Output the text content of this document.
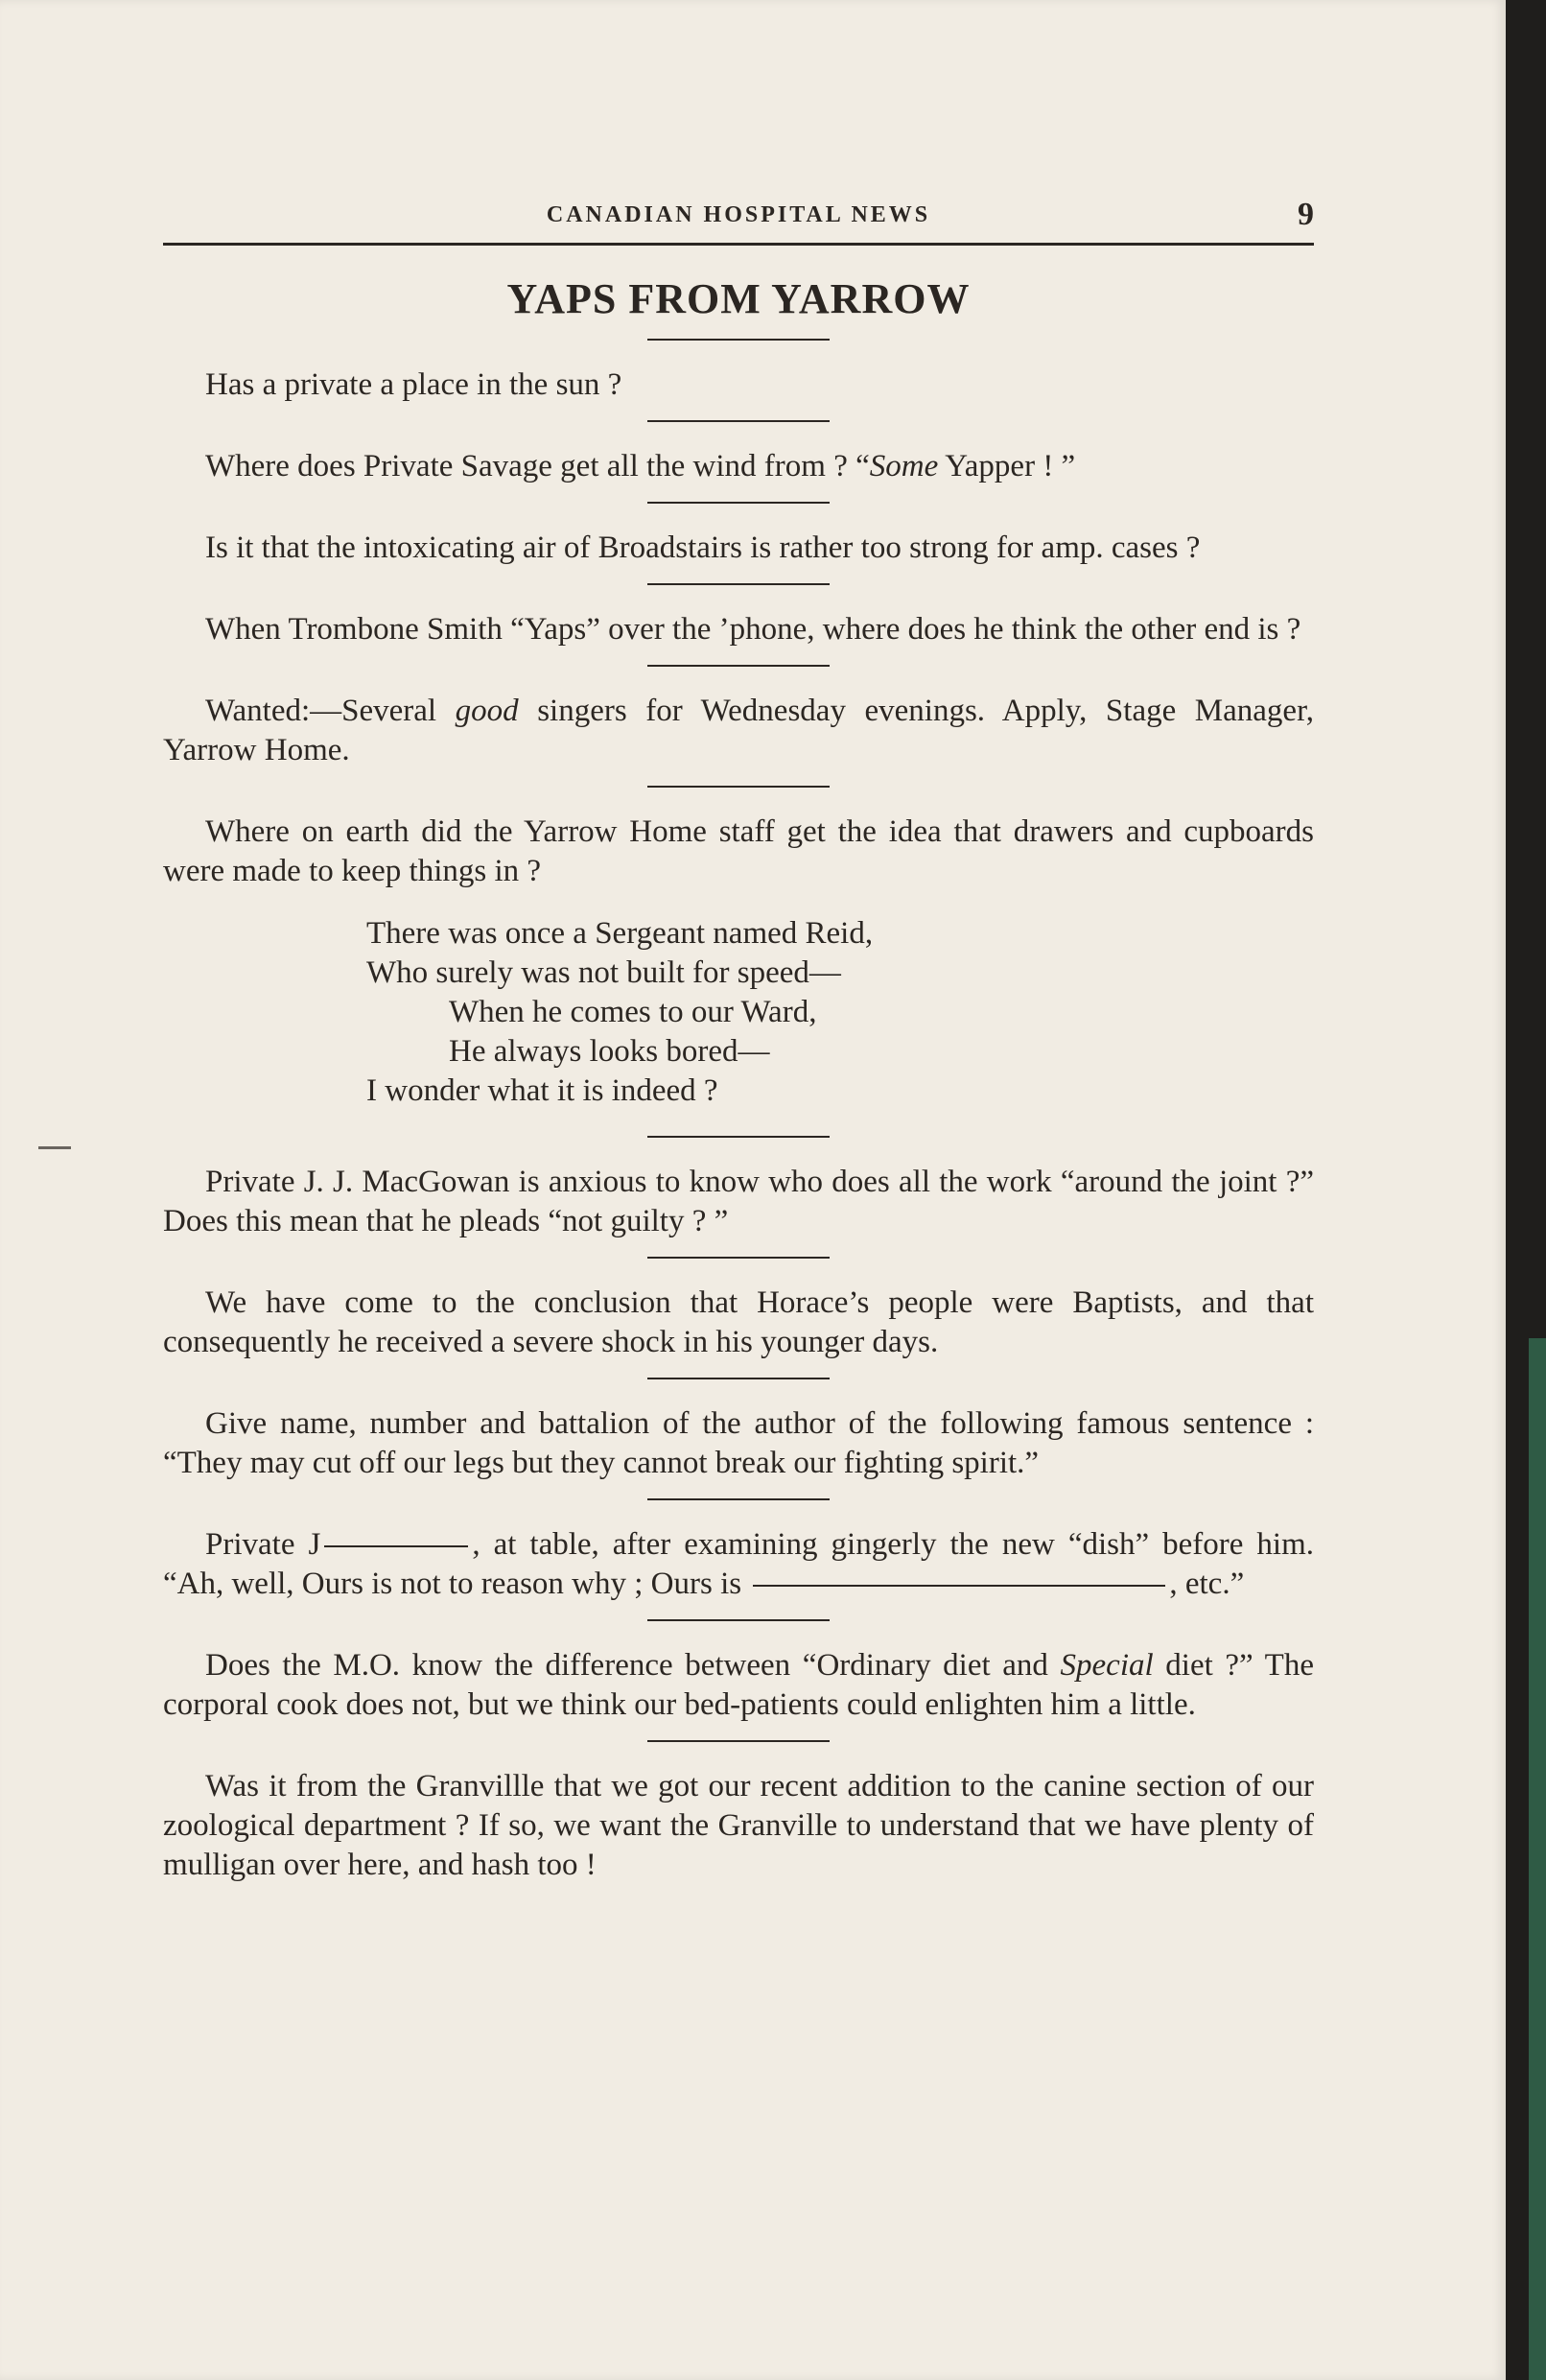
CANADIAN HOSPITAL NEWS	9
YAPS FROM YARROW

Has a private a place in the sun ?

Where does Private Savage get all the wind from ? “Some Yapper ! ”

Is it that the intoxicating air of Broadstairs is rather too strong for amp. cases ?

When Trombone Smith “Yaps” over the ’phone, where does he think the other end is ?

Wanted:—Several good singers for Wednesday evenings. Apply, Stage Manager, Yarrow Home.

Where on earth did the Yarrow Home staff get the idea that drawers and cupboards were made to keep things in ?

There was once a Sergeant named Reid,
Who surely was not built for speed—
When he comes to our Ward,
He always looks bored—
I wonder what it is indeed ?

Private J. J. MacGowan is anxious to know who does all the work “around the joint ?” Does this mean that he pleads “not guilty ? ”

We have come to the conclusion that Horace’s people were Baptists, and that consequently he received a severe shock in his younger days.

Give name, number and battalion of the author of the following famous sentence : “They may cut off our legs but they cannot break our fighting spirit.”

Private J	, at table, after examining gingerly the new “dish” before him. “Ah, well, Ours is not to reason why ; Ours is	, etc.”

Does the M.O. know the difference between “Ordinary diet and Special diet ?” The corporal cook does not, but we think our bed-patients could enlighten him a little.

Was it from the Granvillle that we got our recent addition to the canine section of our zoological department ? If so, we want the Granville to understand that we have plenty of mulligan over here, and hash too !
